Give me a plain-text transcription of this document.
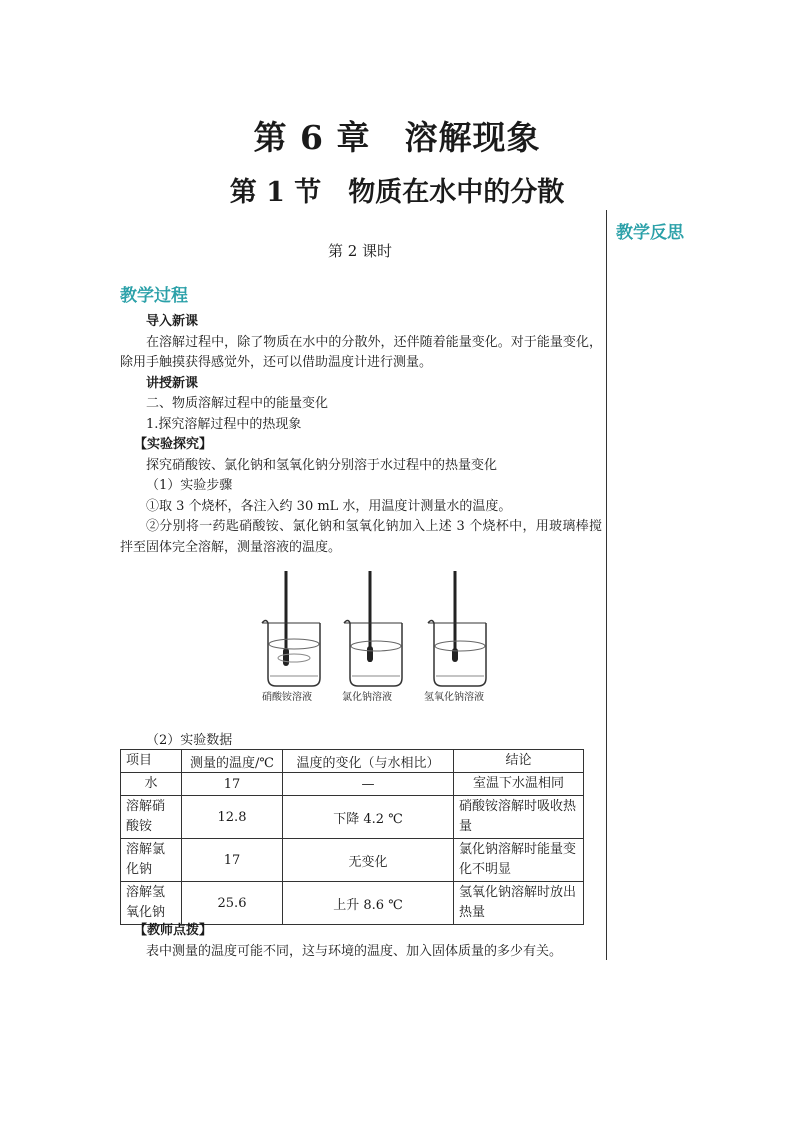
第 6 章　溶解现象
第 1 节　物质在水中的分散
教学反思
第 2 课时
教学过程

导入新课

在溶解过程中，除了物质在水中的分散外，还伴随着能量变化。对于能量变化，除用手触摸获得感觉外，还可以借助温度计进行测量。

讲授新课

二、物质溶解过程中的能量变化

1.探究溶解过程中的热现象

【实验探究】

探究硝酸铵、氯化钠和氢氧化钠分别溶于水过程中的热量变化

（1）实验步骤

①取 3 个烧杯，各注入约 30 mL 水，用温度计测量水的温度。

②分别将一药匙硝酸铵、氯化钠和氢氧化钠加入上述 3 个烧杯中，用玻璃棒搅拌至固体完全溶解，测量溶液的温度。

硝酸铵溶液	氯化钠溶液	氢氧化钠溶液
（2）实验数据
项目	测量的温度/℃	温度的变化（与水相比）	结论
水	17	—	室温下水温相同
溶解硝酸铵	12.8	下降 4.2 ℃	硝酸铵溶解时吸收热量
溶解氯化钠	17	无变化	氯化钠溶解时能量变化不明显
溶解氢氧化钠	25.6	上升 8.6 ℃	氢氧化钠溶解时放出热量

【教师点拨】

表中测量的温度可能不同，这与环境的温度、加入固体质量的多少有关。
